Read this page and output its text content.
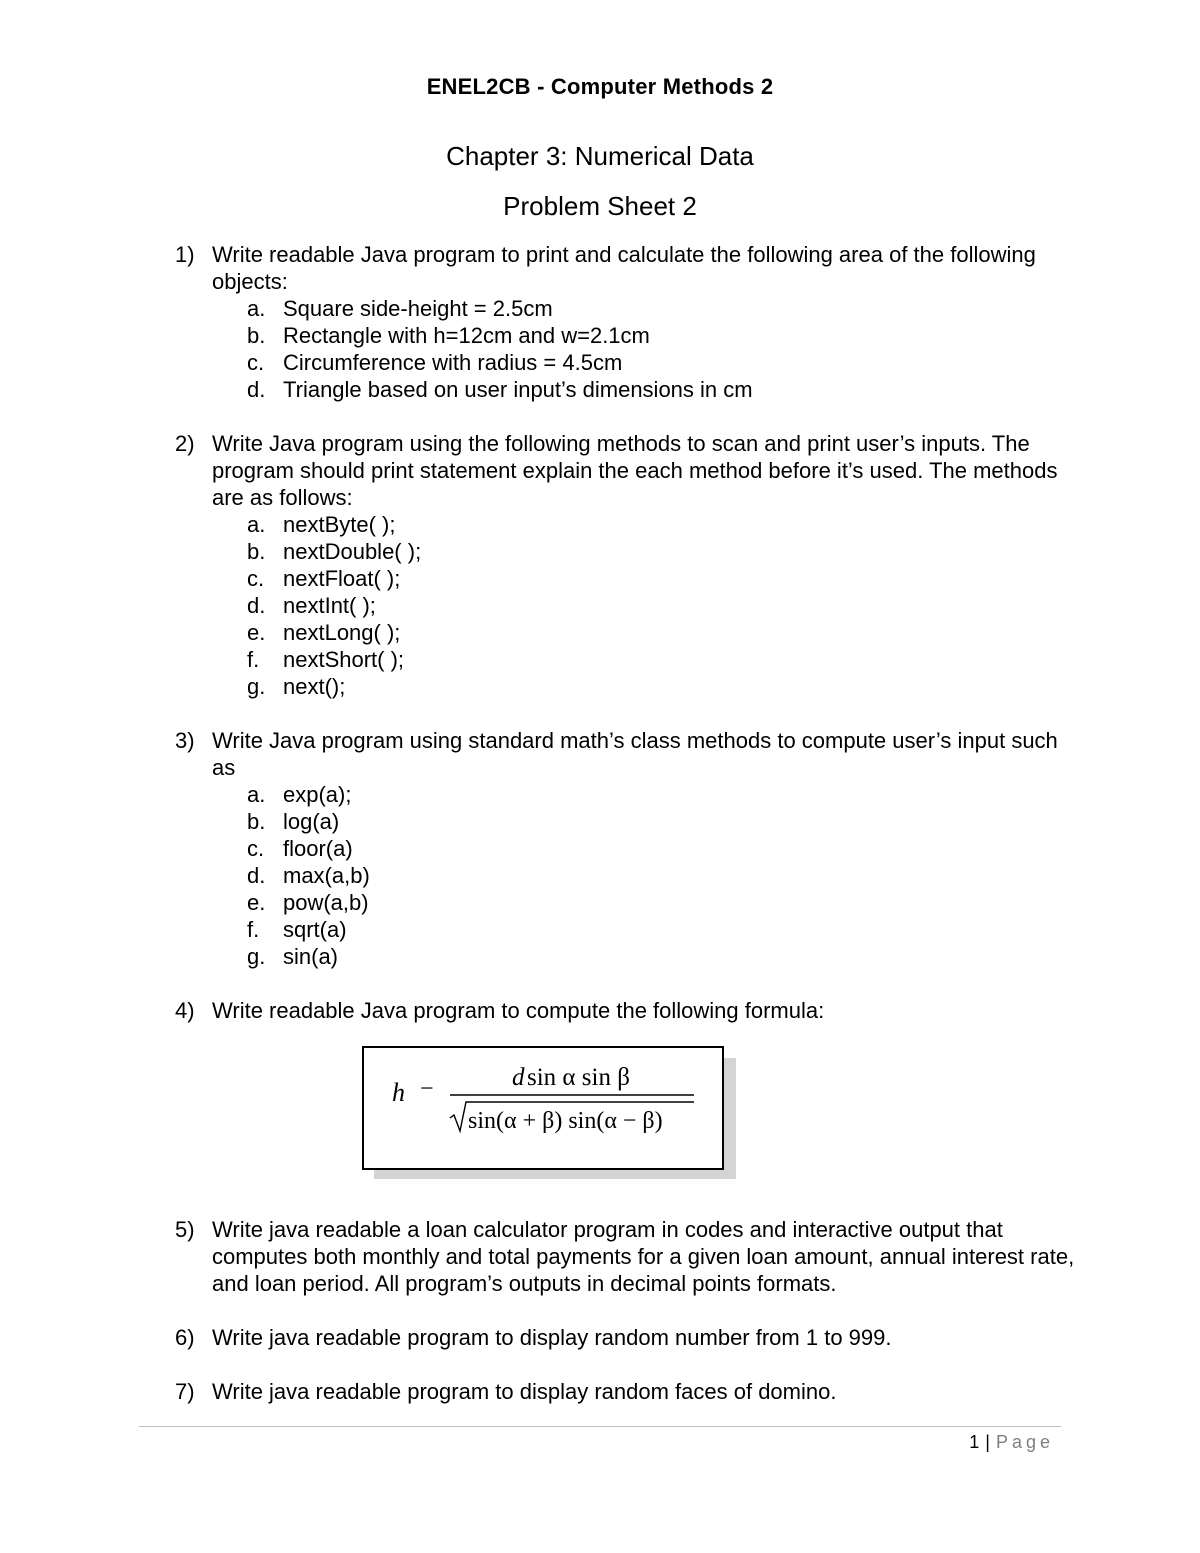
ENEL2CB - Computer Methods 2
Chapter 3: Numerical Data
Problem Sheet 2
1) Write readable Java program to print and calculate the following area of the following objects:
a. Square side-height = 2.5cm
b. Rectangle with h=12cm and w=2.1cm
c. Circumference with radius = 4.5cm
d. Triangle based on user input’s dimensions in cm
2) Write Java program using the following methods to scan and print user’s inputs. The program should print statement explain the each method before it’s used. The methods are as follows:
a. nextByte( );
b. nextDouble( );
c. nextFloat( );
d. nextInt( );
e. nextLong( );
f. nextShort( );
g. next();
3) Write Java program using standard math’s class methods to compute user’s input such as
a. exp(a);
b. log(a)
c. floor(a)
d. max(a,b)
e. pow(a,b)
f. sqrt(a)
g. sin(a)
4) Write readable Java program to compute the following formula:
h −	d sin α sin β
sin(α + β) sin(α − β)
5) Write java readable a loan calculator program in codes and interactive output that computes both monthly and total payments for a given loan amount, annual interest rate, and loan period. All program’s outputs in decimal points formats.
6) Write java readable program to display random number from 1 to 999.
7) Write java readable program to display random faces of domino.
1 | Page
